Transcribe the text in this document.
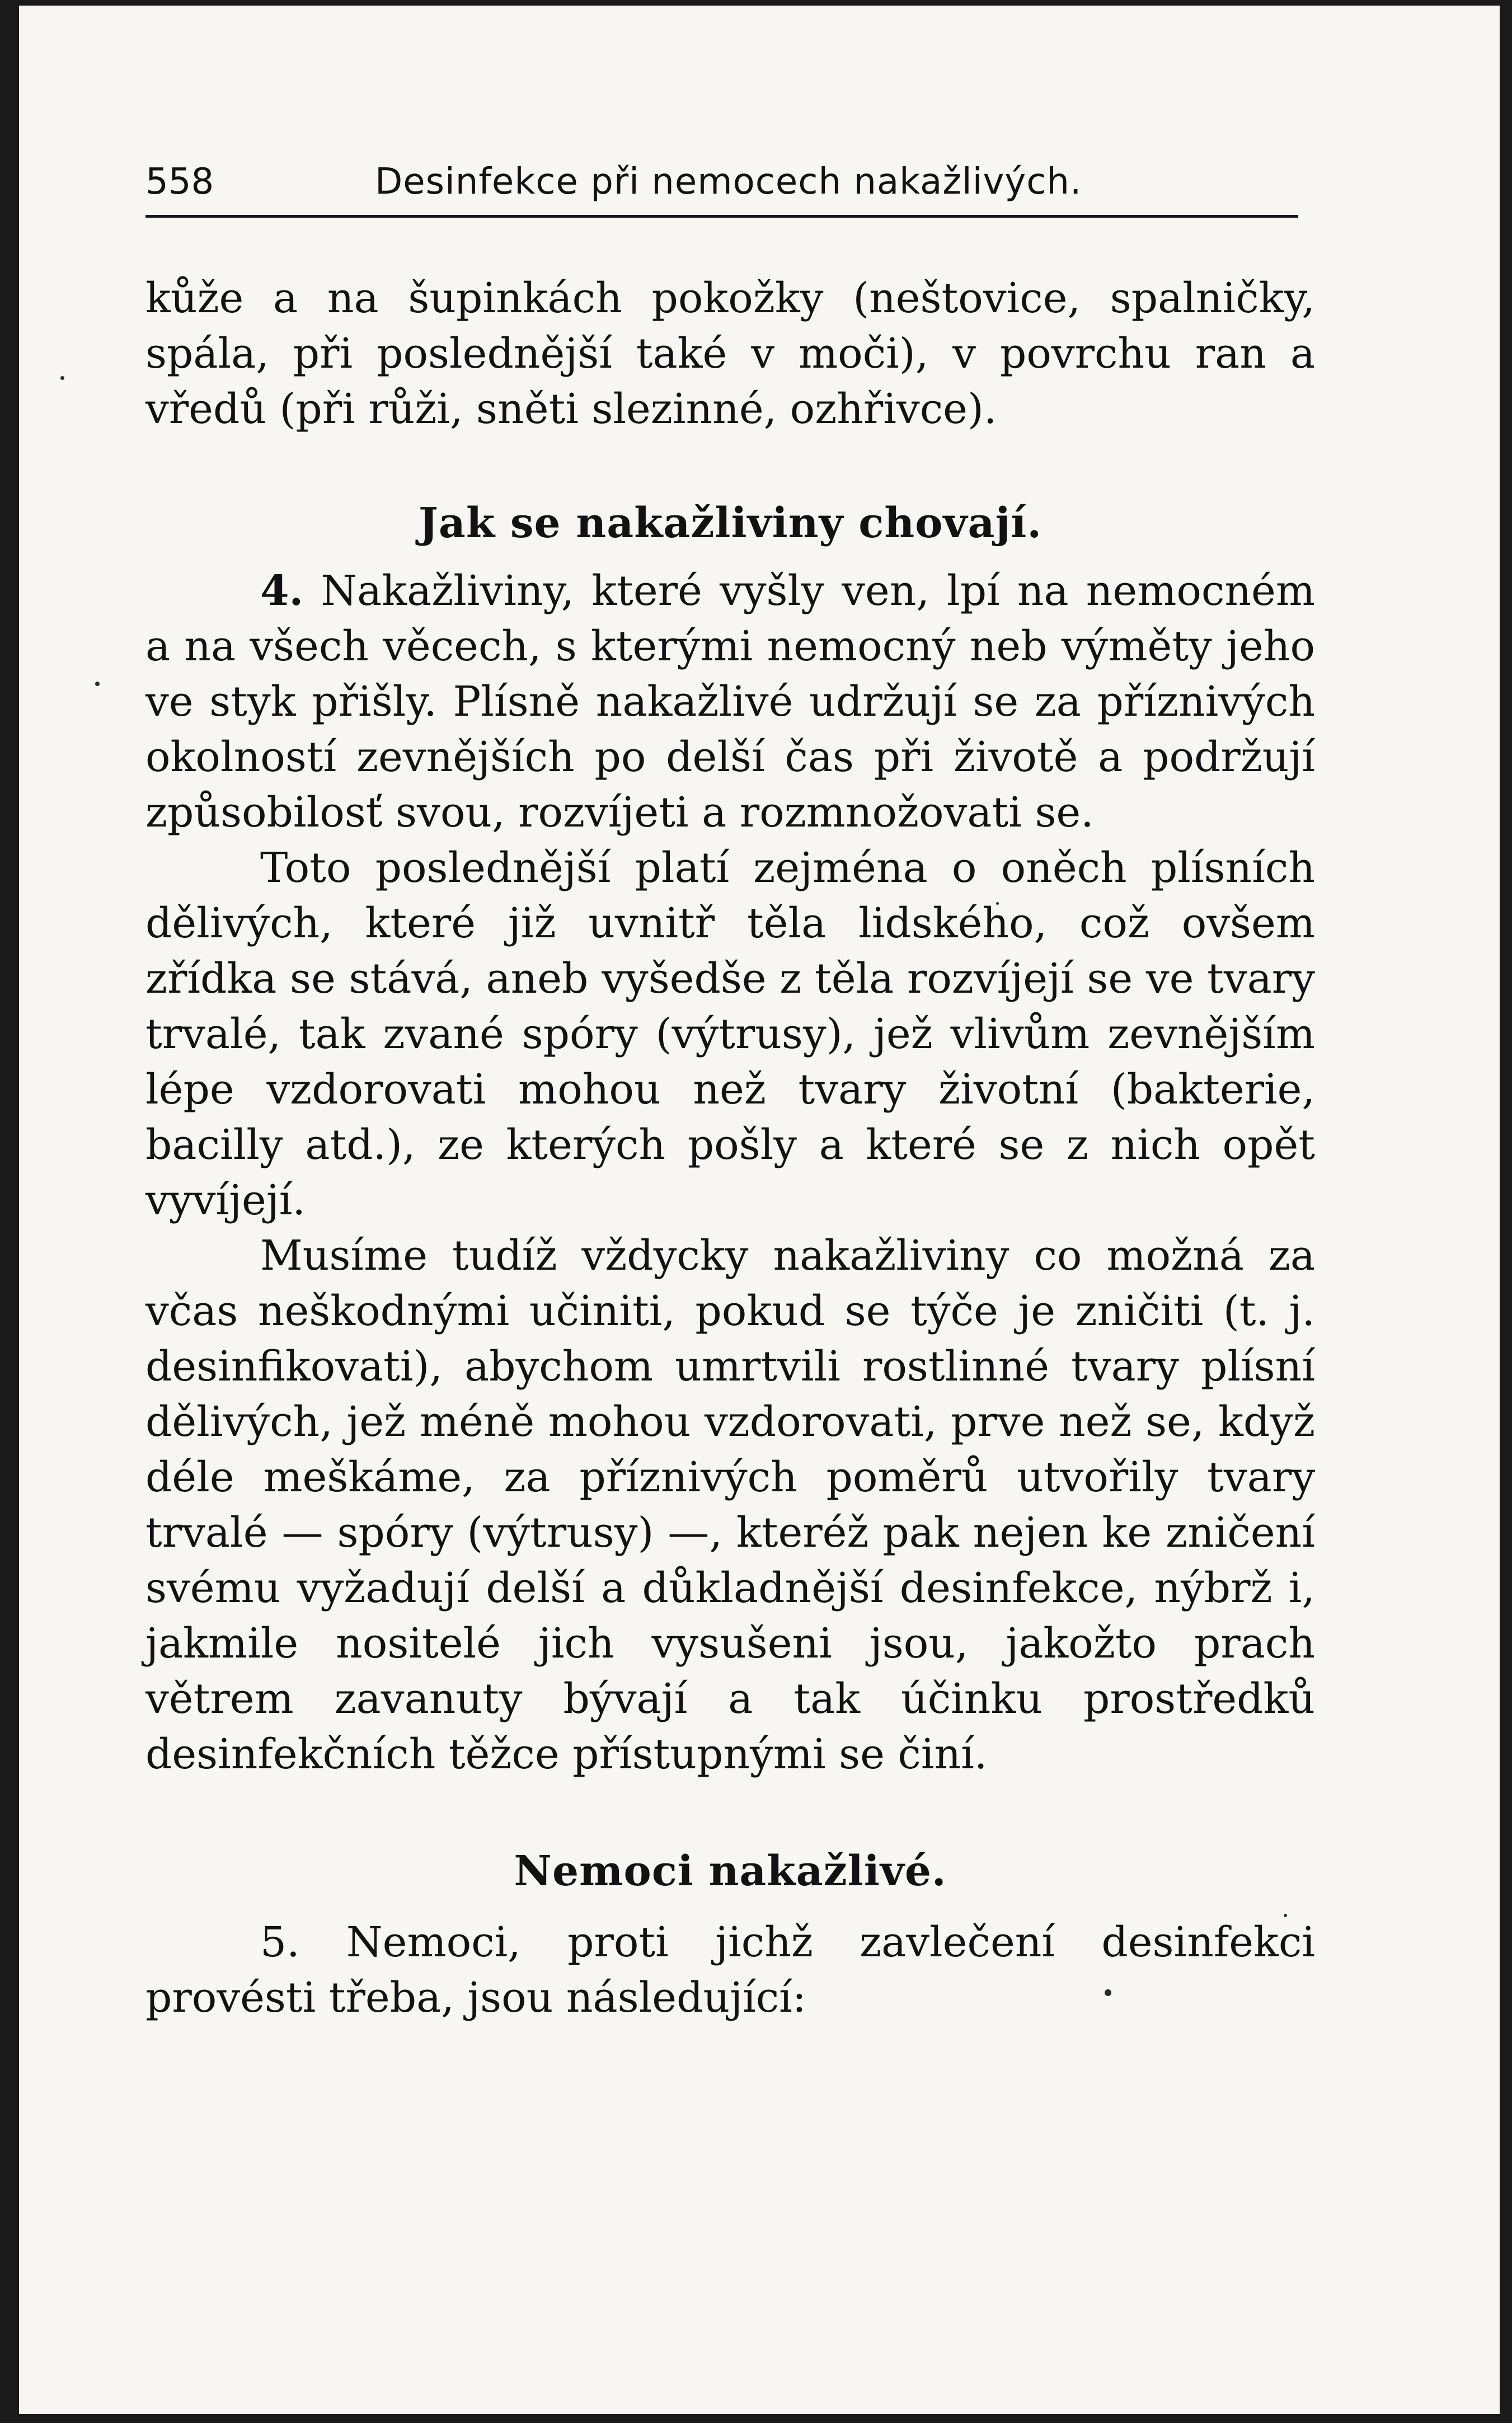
558	Desinfekce při nemocech nakažlivých.

kůže a na šupinkách pokožky (neštovice, spalničky, spála, při poslednější také v moči), v povrchu ran a vředů (při růži, sněti slezinné, ozhřivce).

Jak se nakažliviny chovají.

4. Nakažliviny, které vyšly ven, lpí na nemocném a na všech věcech, s kterými nemocný neb výměty jeho ve styk přišly. Plísně nakažlivé udržují se za příznivých okolností zevnějších po delší čas při životě a podržují způsobilosť svou, rozvíjeti a rozmnožovati se.

Toto poslednější platí zejména o oněch plísních dělivých, které již uvnitř těla lidského, což ovšem zřídka se stává, aneb vyšedše z těla rozvíjejí se ve tvary trvalé, tak zvané spóry (výtrusy), jež vlivům zevnějším lépe vzdorovati mohou než tvary životní (bakterie, bacilly atd.), ze kterých pošly a které se z nich opět vyvíjejí.

Musíme tudíž vždycky nakažliviny co možná za včas neškodnými učiniti, pokud se týče je zničiti (t. j. desinfikovati), abychom umrtvili rostlinné tvary plísní dělivých, jež méně mohou vzdorovati, prve než se, když déle meškáme, za příznivých poměrů utvořily tvary trvalé — spóry (výtrusy) —, kteréž pak nejen ke zničení svému vyžadují delší a důkladnější desinfekce, nýbrž i, jakmile nositelé jich vysušeni jsou, jakožto prach větrem zavanuty bývají a tak účinku prostředků desinfekčních těžce přístupnými se činí.

Nemoci nakažlivé.

5. Nemoci, proti jichž zavlečení desinfekci provésti třeba, jsou následující:
